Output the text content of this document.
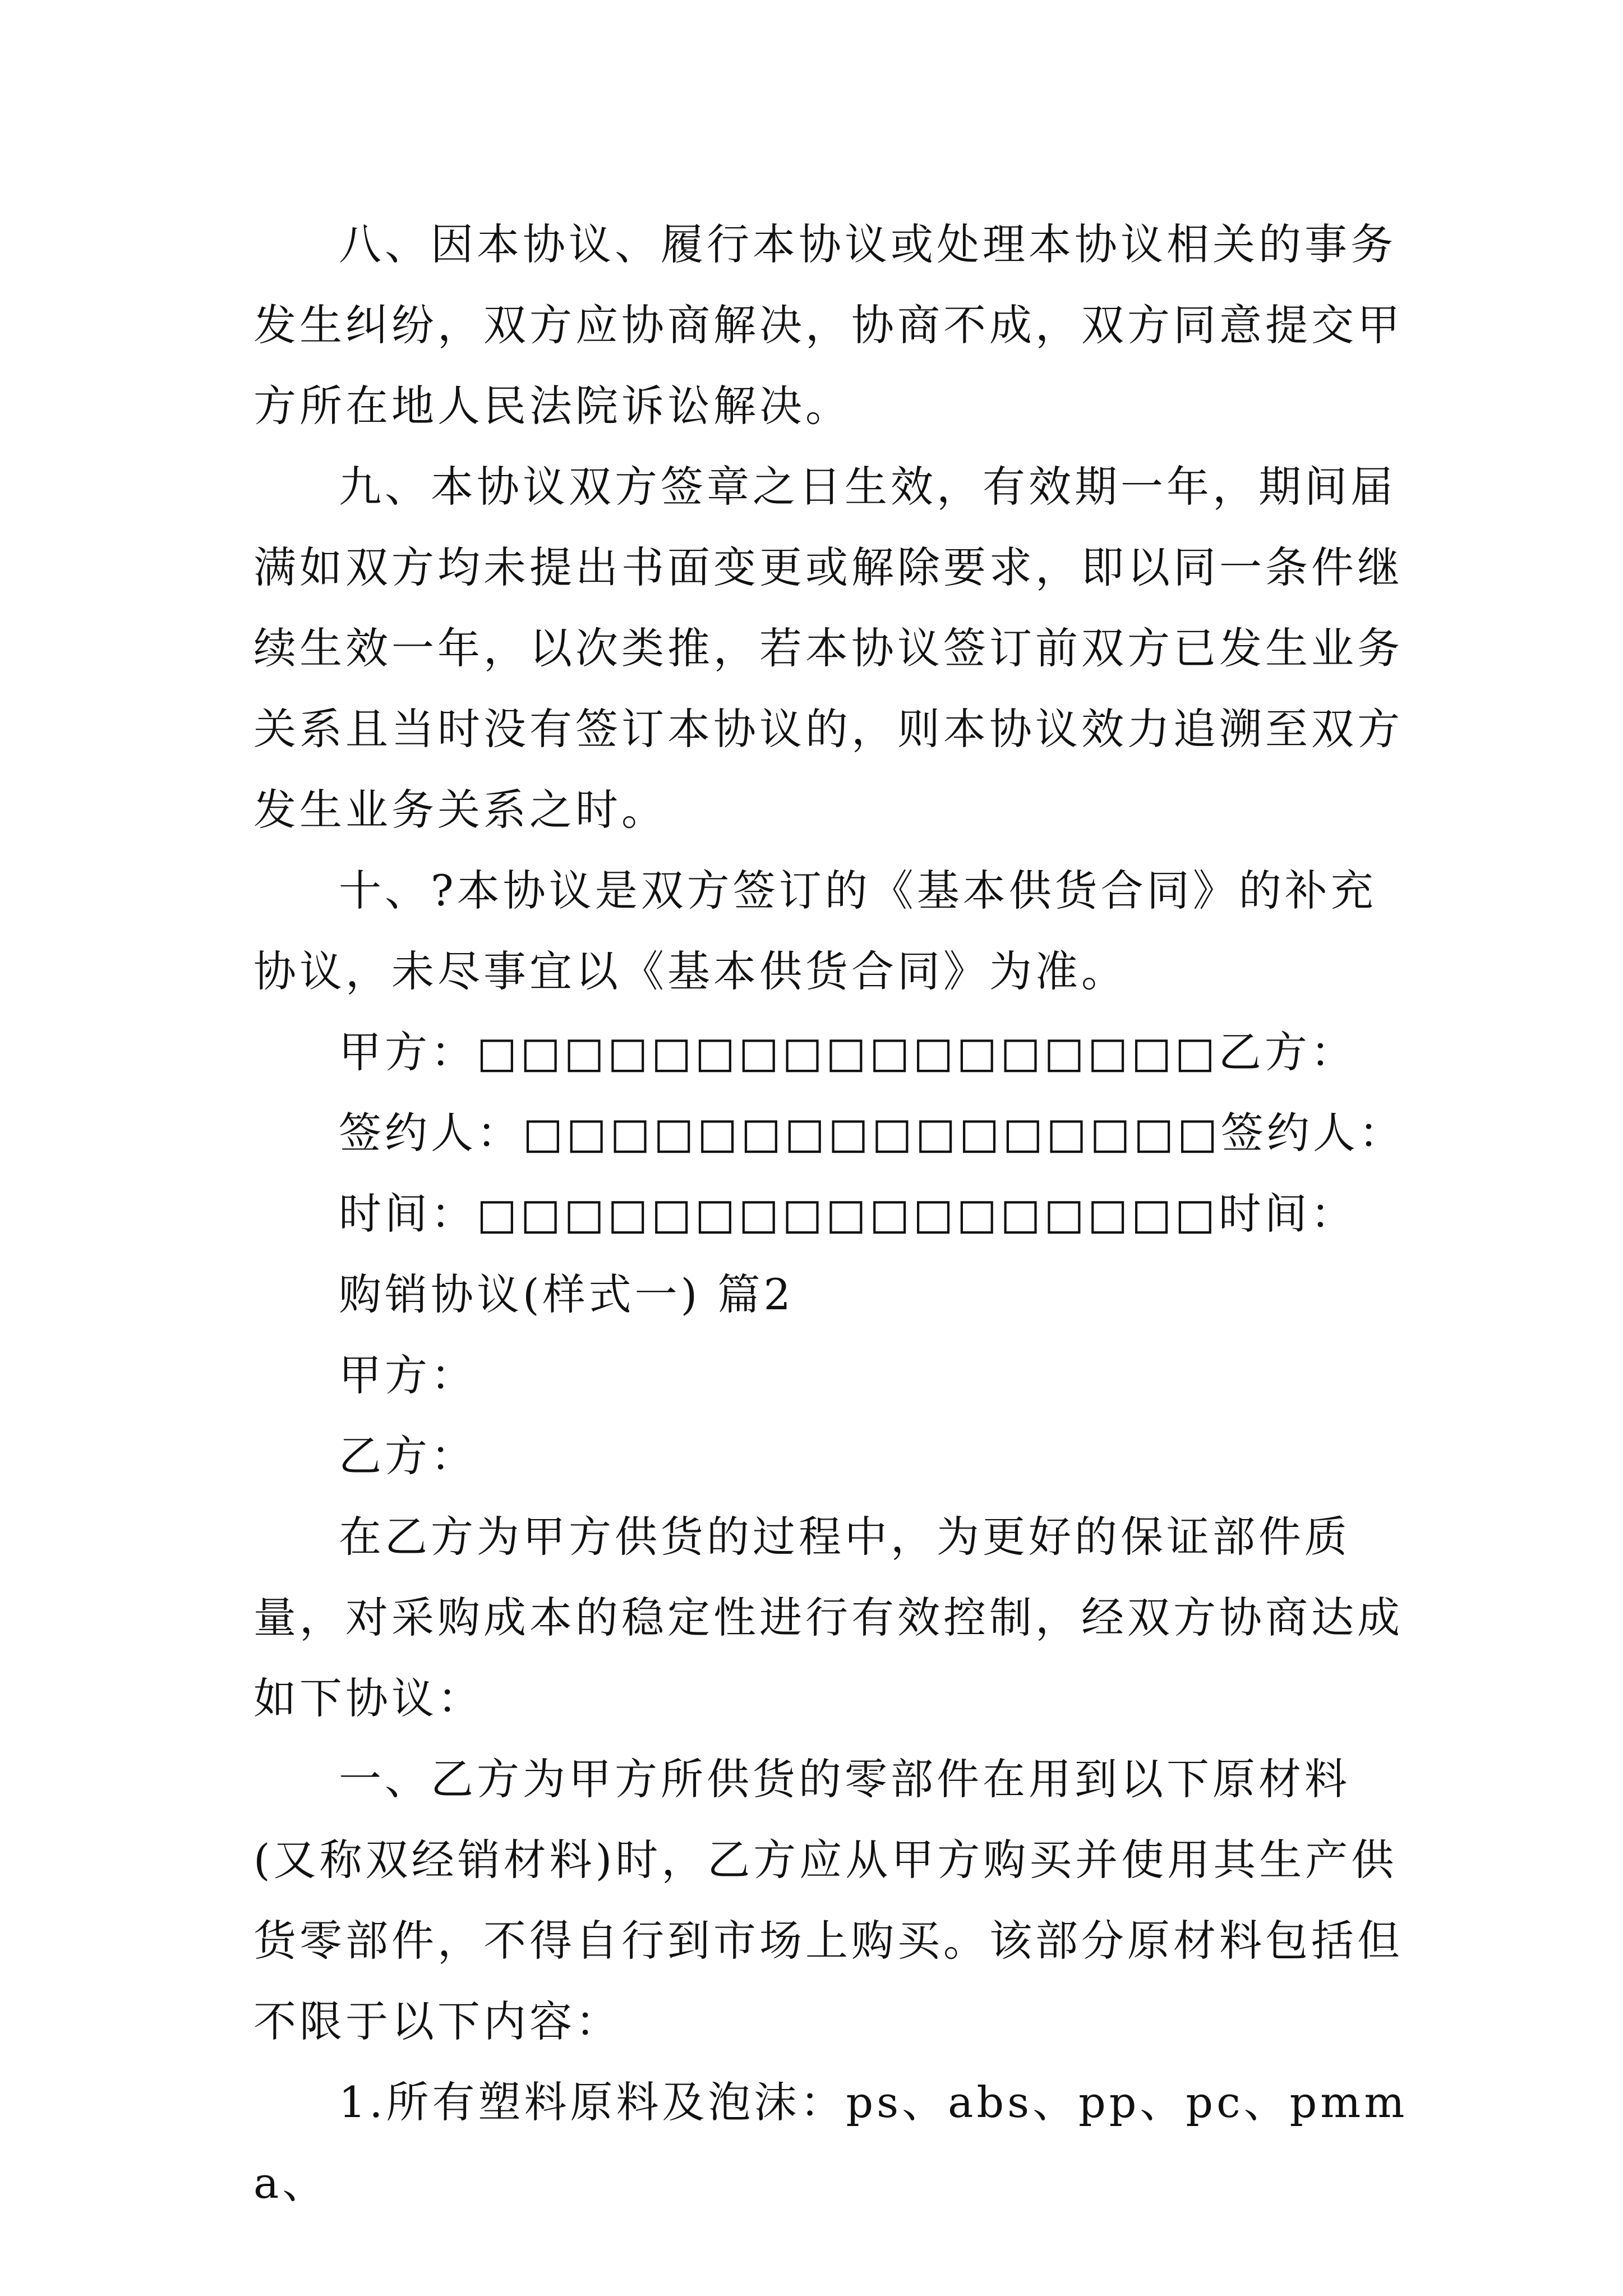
八、因本协议、履行本协议或处理本协议相关的事务发生纠纷，双方应协商解决，协商不成，双方同意提交甲方所在地人民法院诉讼解决。

九、本协议双方签章之日生效，有效期一年，期间届满如双方均未提出书面变更或解除要求，即以同一条件继续生效一年，以次类推，若本协议签订前双方已发生业务关系且当时没有签订本协议的，则本协议效力追溯至双方发生业务关系之时。

十、?本协议是双方签订的《基本供货合同》的补充协议，未尽事宜以《基本供货合同》为准。

甲方：□□□□□□□□□□□□□□□□□乙方：

签约人：□□□□□□□□□□□□□□□□签约人：

时间：□□□□□□□□□□□□□□□□□时间：

购销协议(样式一) 篇2

甲方：

乙方：

在乙方为甲方供货的过程中，为更好的保证部件质量，对采购成本的稳定性进行有效控制，经双方协商达成如下协议：

一、乙方为甲方所供货的零部件在用到以下原材料(又称双经销材料)时，乙方应从甲方购买并使用其生产供货零部件，不得自行到市场上购买。该部分原材料包括但不限于以下内容：

1.所有塑料原料及泡沫：ps、abs、pp、pc、pmma、
